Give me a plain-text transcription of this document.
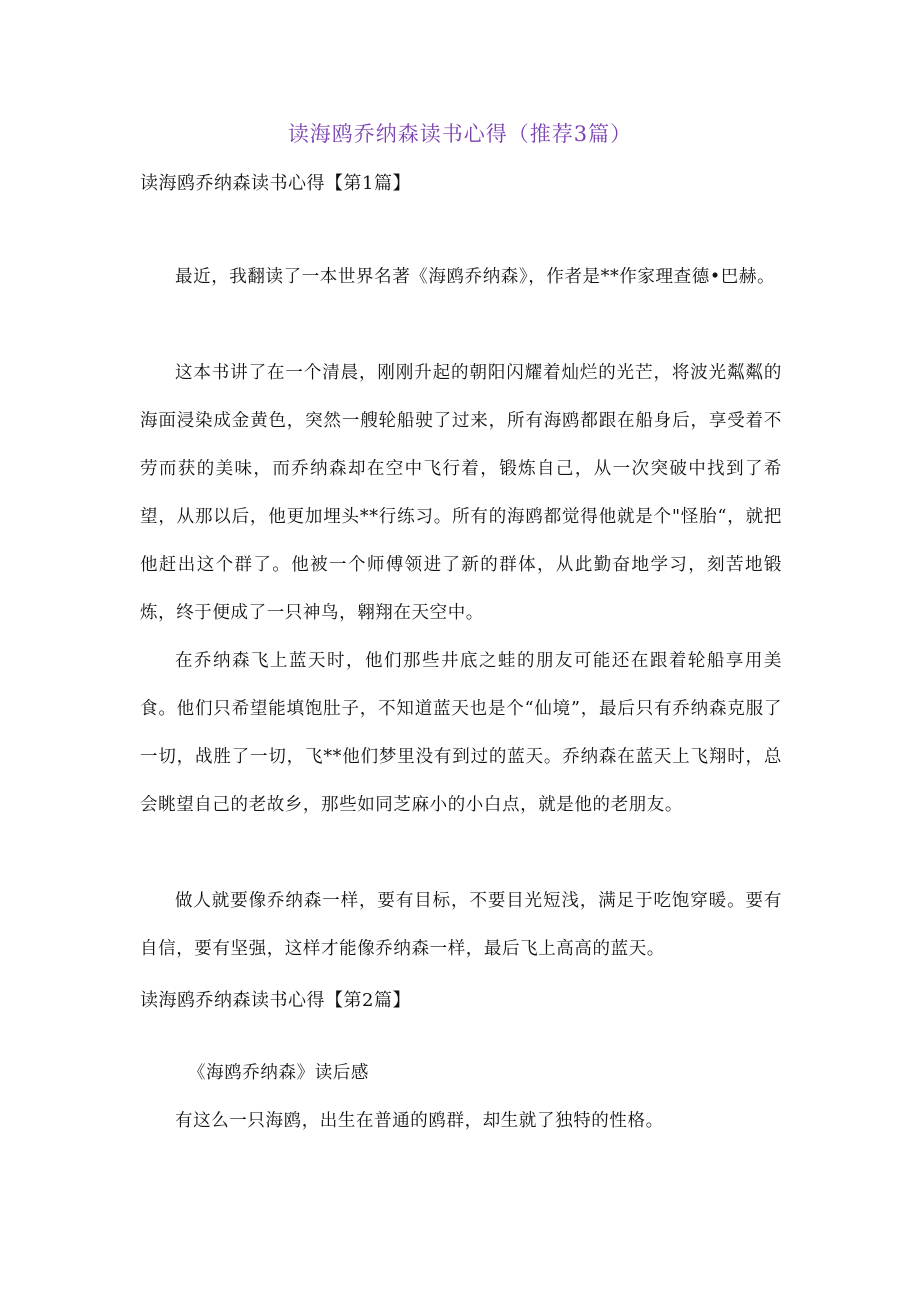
读海鸥乔纳森读书心得（推荐3篇）
读海鸥乔纳森读书心得【第1篇】

最近，我翻读了一本世界名著《海鸥乔纳森》，作者是**作家理查德•巴赫。

这本书讲了在一个清晨，刚刚升起的朝阳闪耀着灿烂的光芒，将波光粼粼的海面浸染成金黄色，突然一艘轮船驶了过来，所有海鸥都跟在船身后，享受着不劳而获的美味，而乔纳森却在空中飞行着，锻炼自己，从一次突破中找到了希望，从那以后，他更加埋头**行练习。所有的海鸥都觉得他就是个"怪胎“，就把他赶出这个群了。他被一个师傅领进了新的群体，从此勤奋地学习，刻苦地锻炼，终于便成了一只神鸟，翱翔在天空中。

在乔纳森飞上蓝天时，他们那些井底之蛙的朋友可能还在跟着轮船享用美食。他们只希望能填饱肚子，不知道蓝天也是个“仙境”，最后只有乔纳森克服了一切，战胜了一切，飞**他们梦里没有到过的蓝天。乔纳森在蓝天上飞翔时，总会眺望自己的老故乡，那些如同芝麻小的小白点，就是他的老朋友。

做人就要像乔纳森一样，要有目标，不要目光短浅，满足于吃饱穿暖。要有自信，要有坚强，这样才能像乔纳森一样，最后飞上高高的蓝天。

读海鸥乔纳森读书心得【第2篇】
《海鸥乔纳森》读后感

有这么一只海鸥，出生在普通的鸥群，却生就了独特的性格。
